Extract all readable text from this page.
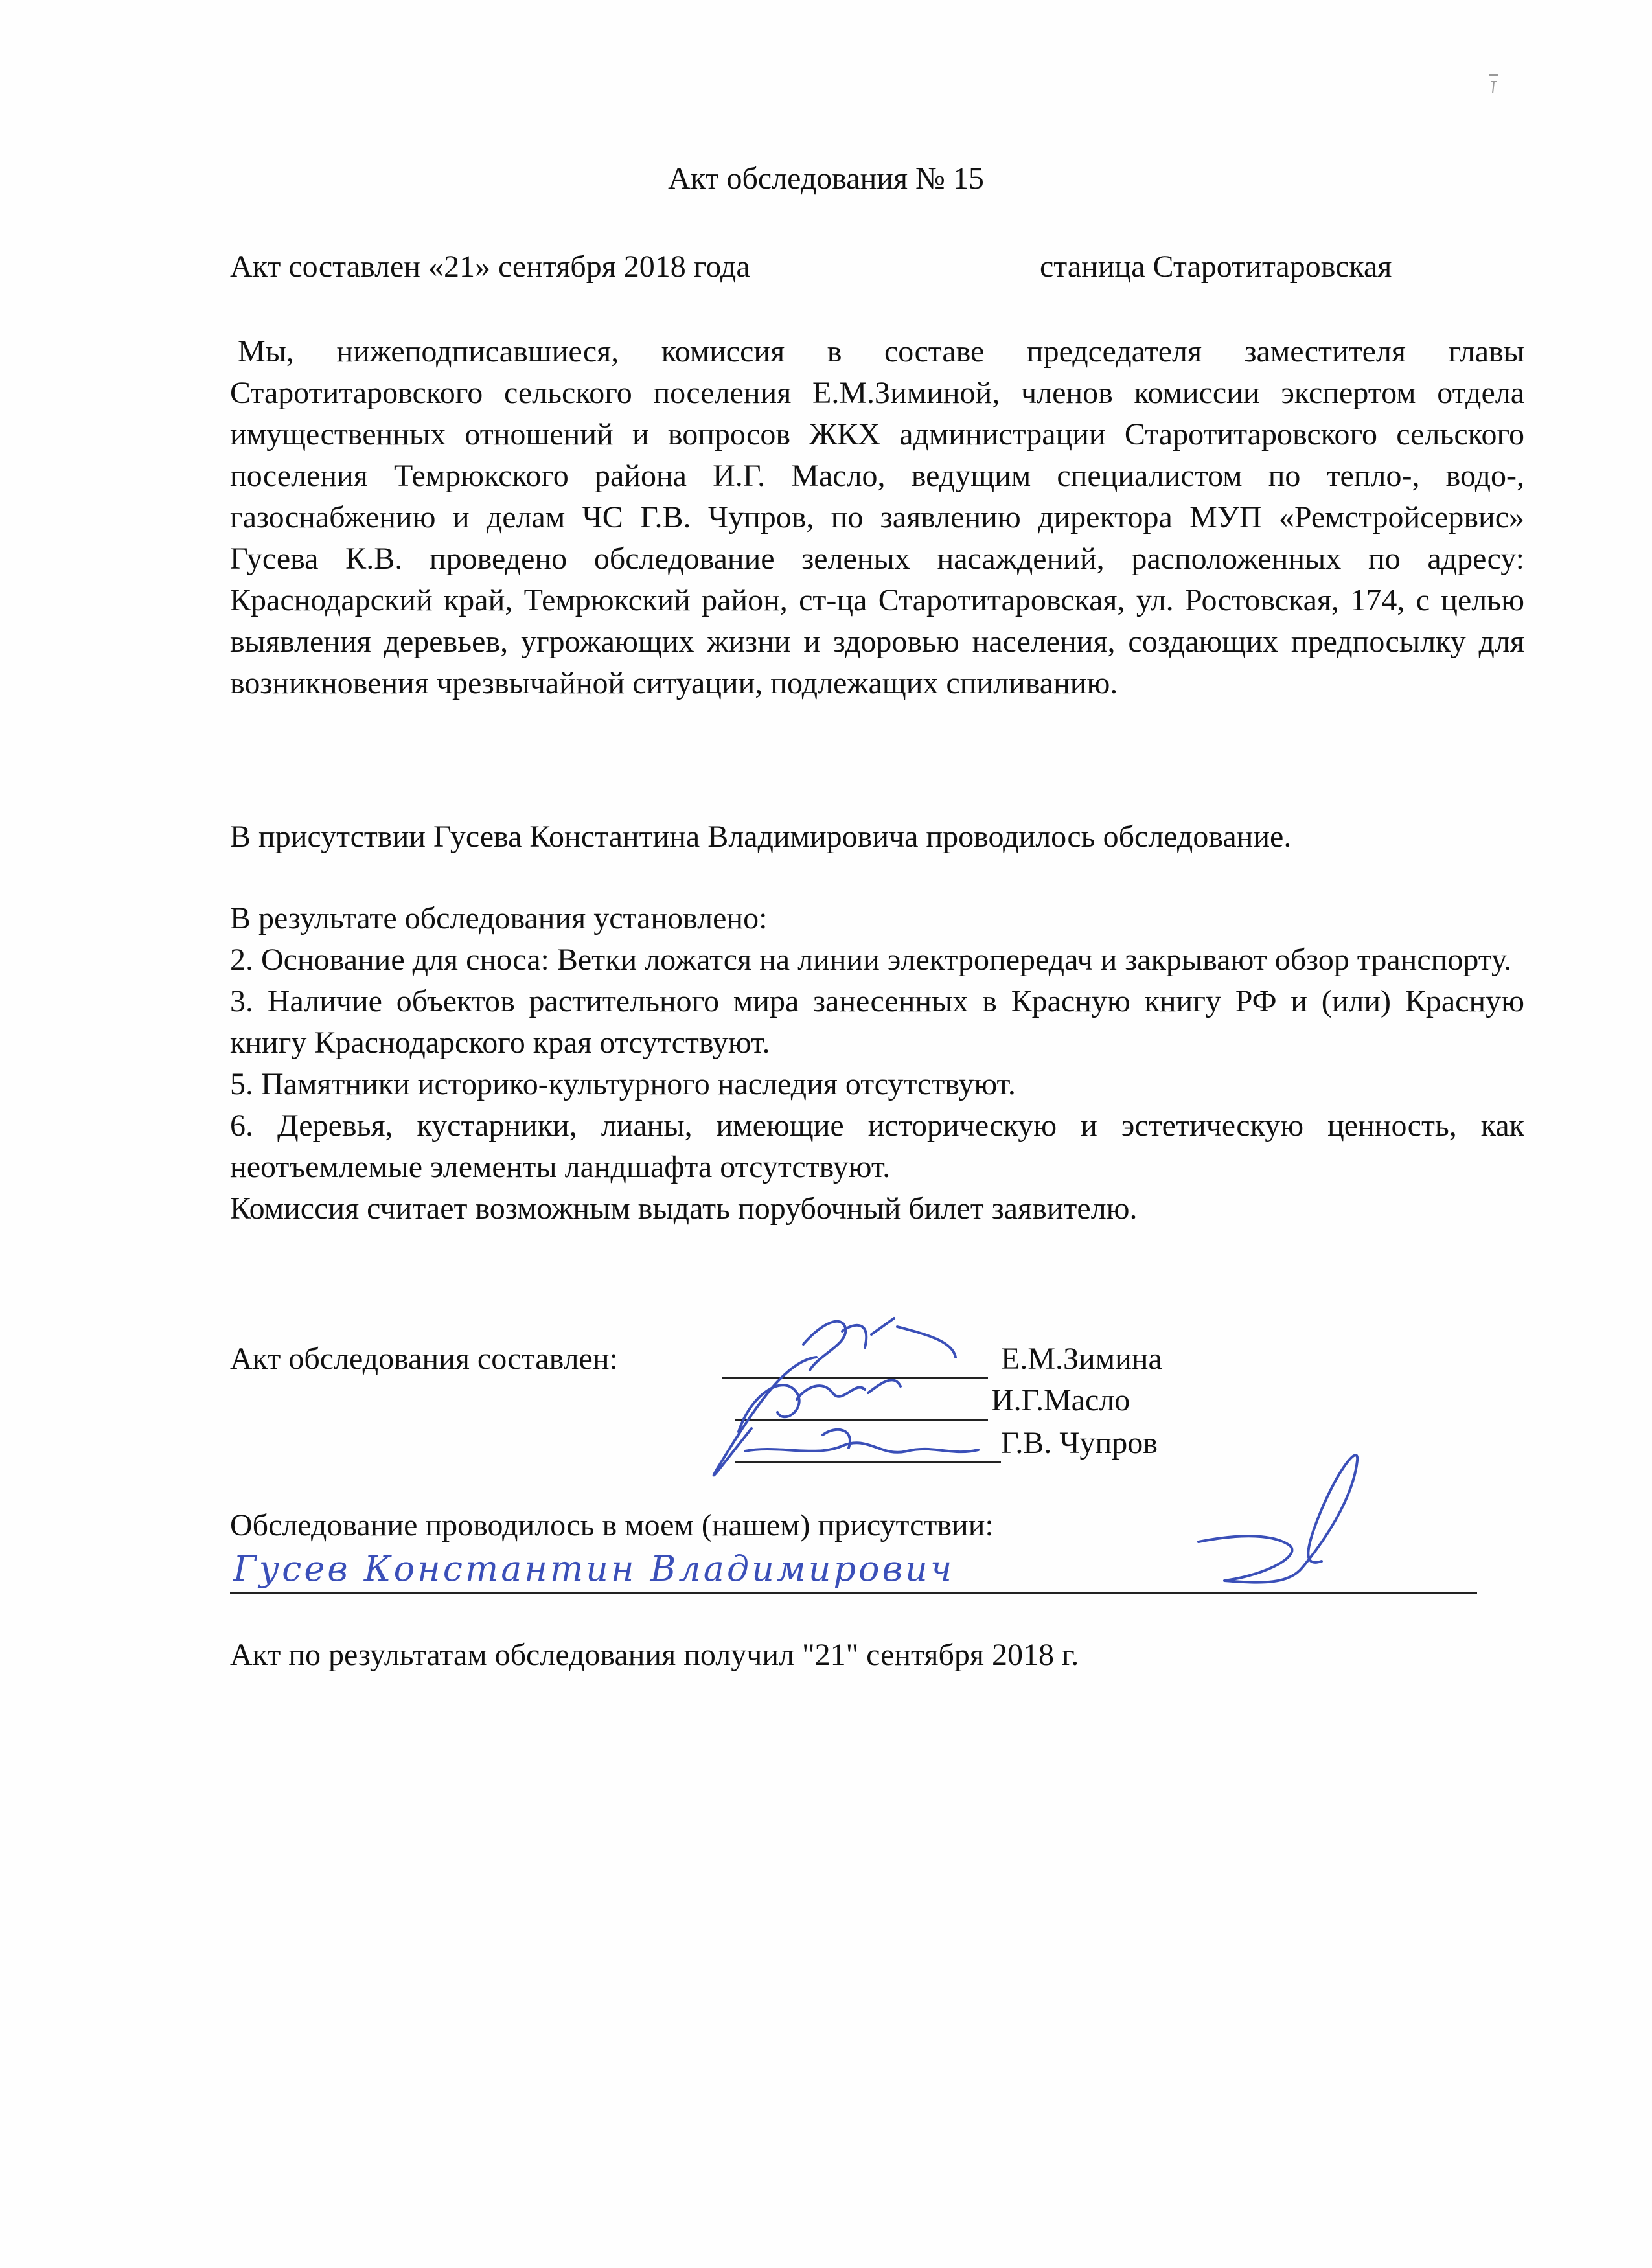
Акт обследования № 15
Акт составлен «21» сентября 2018 года	станица Старотитаровская
Мы, нижеподписавшиеся, комиссия в составе председателя заместителя главы Старотитаровского сельского поселения Е.М.Зиминой, членов комиссии экспертом отдела имущественных отношений и вопросов ЖКХ администрации Старотитаровского сельского поселения Темрюкского района И.Г. Масло, ведущим специалистом по тепло-, водо-, газоснабжению и делам ЧС Г.В. Чупров, по заявлению директора МУП «Ремстройсервис» Гусева К.В. проведено обследование зеленых насаждений, расположенных по адресу: Краснодарский край, Темрюкский район, ст-ца Старотитаровская, ул. Ростовская, 174, с целью выявления деревьев, угрожающих жизни и здоровью населения, создающих предпосылку для возникновения чрезвычайной ситуации, подлежащих спиливанию.
В присутствии Гусева Константина Владимировича проводилось обследование.

В результате обследования установлено:

2. Основание для сноса: Ветки ложатся на линии электропередач и закрывают обзор транспорту.

3. Наличие объектов растительного мира занесенных в Красную книгу РФ и (или) Красную книгу Краснодарского края отсутствуют.

5. Памятники историко-культурного наследия отсутствуют.

6. Деревья, кустарники, лианы, имеющие историческую и эстетическую ценность, как неотъемлемые элементы ландшафта отсутствуют.

Комиссия считает возможным выдать порубочный билет заявителю.

Акт обследования составлен:	Е.М.Зимина
И.Г.Масло
Г.В. Чупров
Обследование проводилось в моем (нашем) присутствии:
Гусев Константин Владимирович
Акт по результатам обследования получил "21" сентября 2018 г.
